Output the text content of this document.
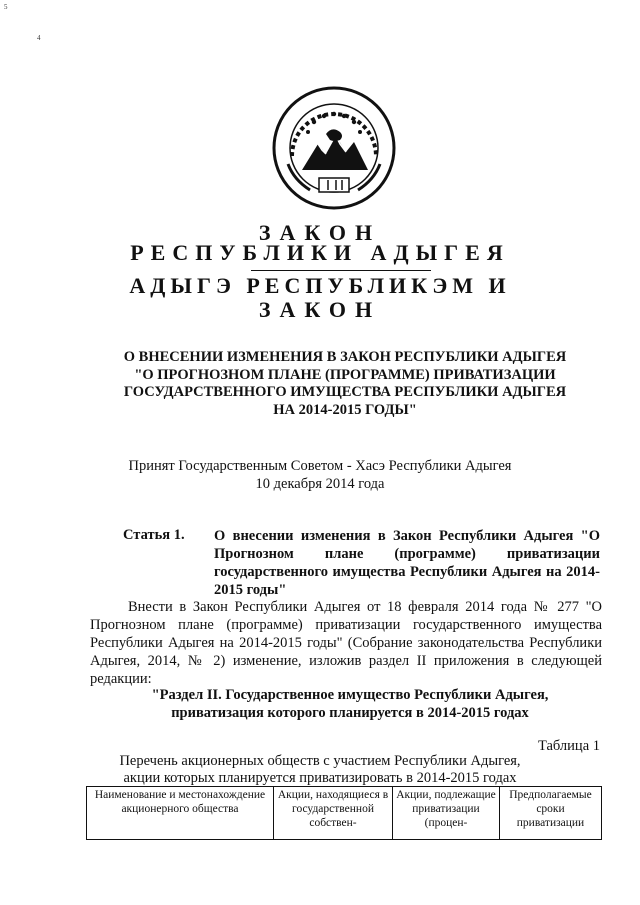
5
4
ЗАКОН
РЕСПУБЛИКИ АДЫГЕЯ
АДЫГЭ РЕСПУБЛИКЭМ И
ЗАКОН
О ВНЕСЕНИИ ИЗМЕНЕНИЯ В ЗАКОН РЕСПУБЛИКИ АДЫГЕЯ
"О ПРОГНОЗНОМ ПЛАНЕ (ПРОГРАММЕ) ПРИВАТИЗАЦИИ
ГОСУДАРСТВЕННОГО ИМУЩЕСТВА РЕСПУБЛИКИ АДЫГЕЯ
НА 2014-2015 ГОДЫ"
Принят Государственным Советом - Хасэ Республики Адыгея
10 декабря 2014 года
Статья 1. О внесении изменения в Закон Республики Адыгея "О Прогнозном плане (программе) приватизации государственного имущества Республики Адыгея на 2014-2015 годы"
Внести в Закон Республики Адыгея от 18 февраля 2014 года № 277 "О Прогнозном плане (программе) приватизации государственного имущества Республики Адыгея на 2014-2015 годы" (Собрание законодательства Республики Адыгея, 2014, № 2) изменение, изложив раздел II приложения в следующей редакции:
"Раздел II. Государственное имущество Республики Адыгея,
приватизация которого планируется в 2014-2015 годах
Таблица 1
Перечень акционерных обществ с участием Республики Адыгея,
акции которых планируется приватизировать в 2014-2015 годах
Наименование и местонахождение акционерного общества	Акции, находящиеся в государственной собствен-	Акции, подлежащие приватизации (процен-	Предполагаемые сроки приватизации
